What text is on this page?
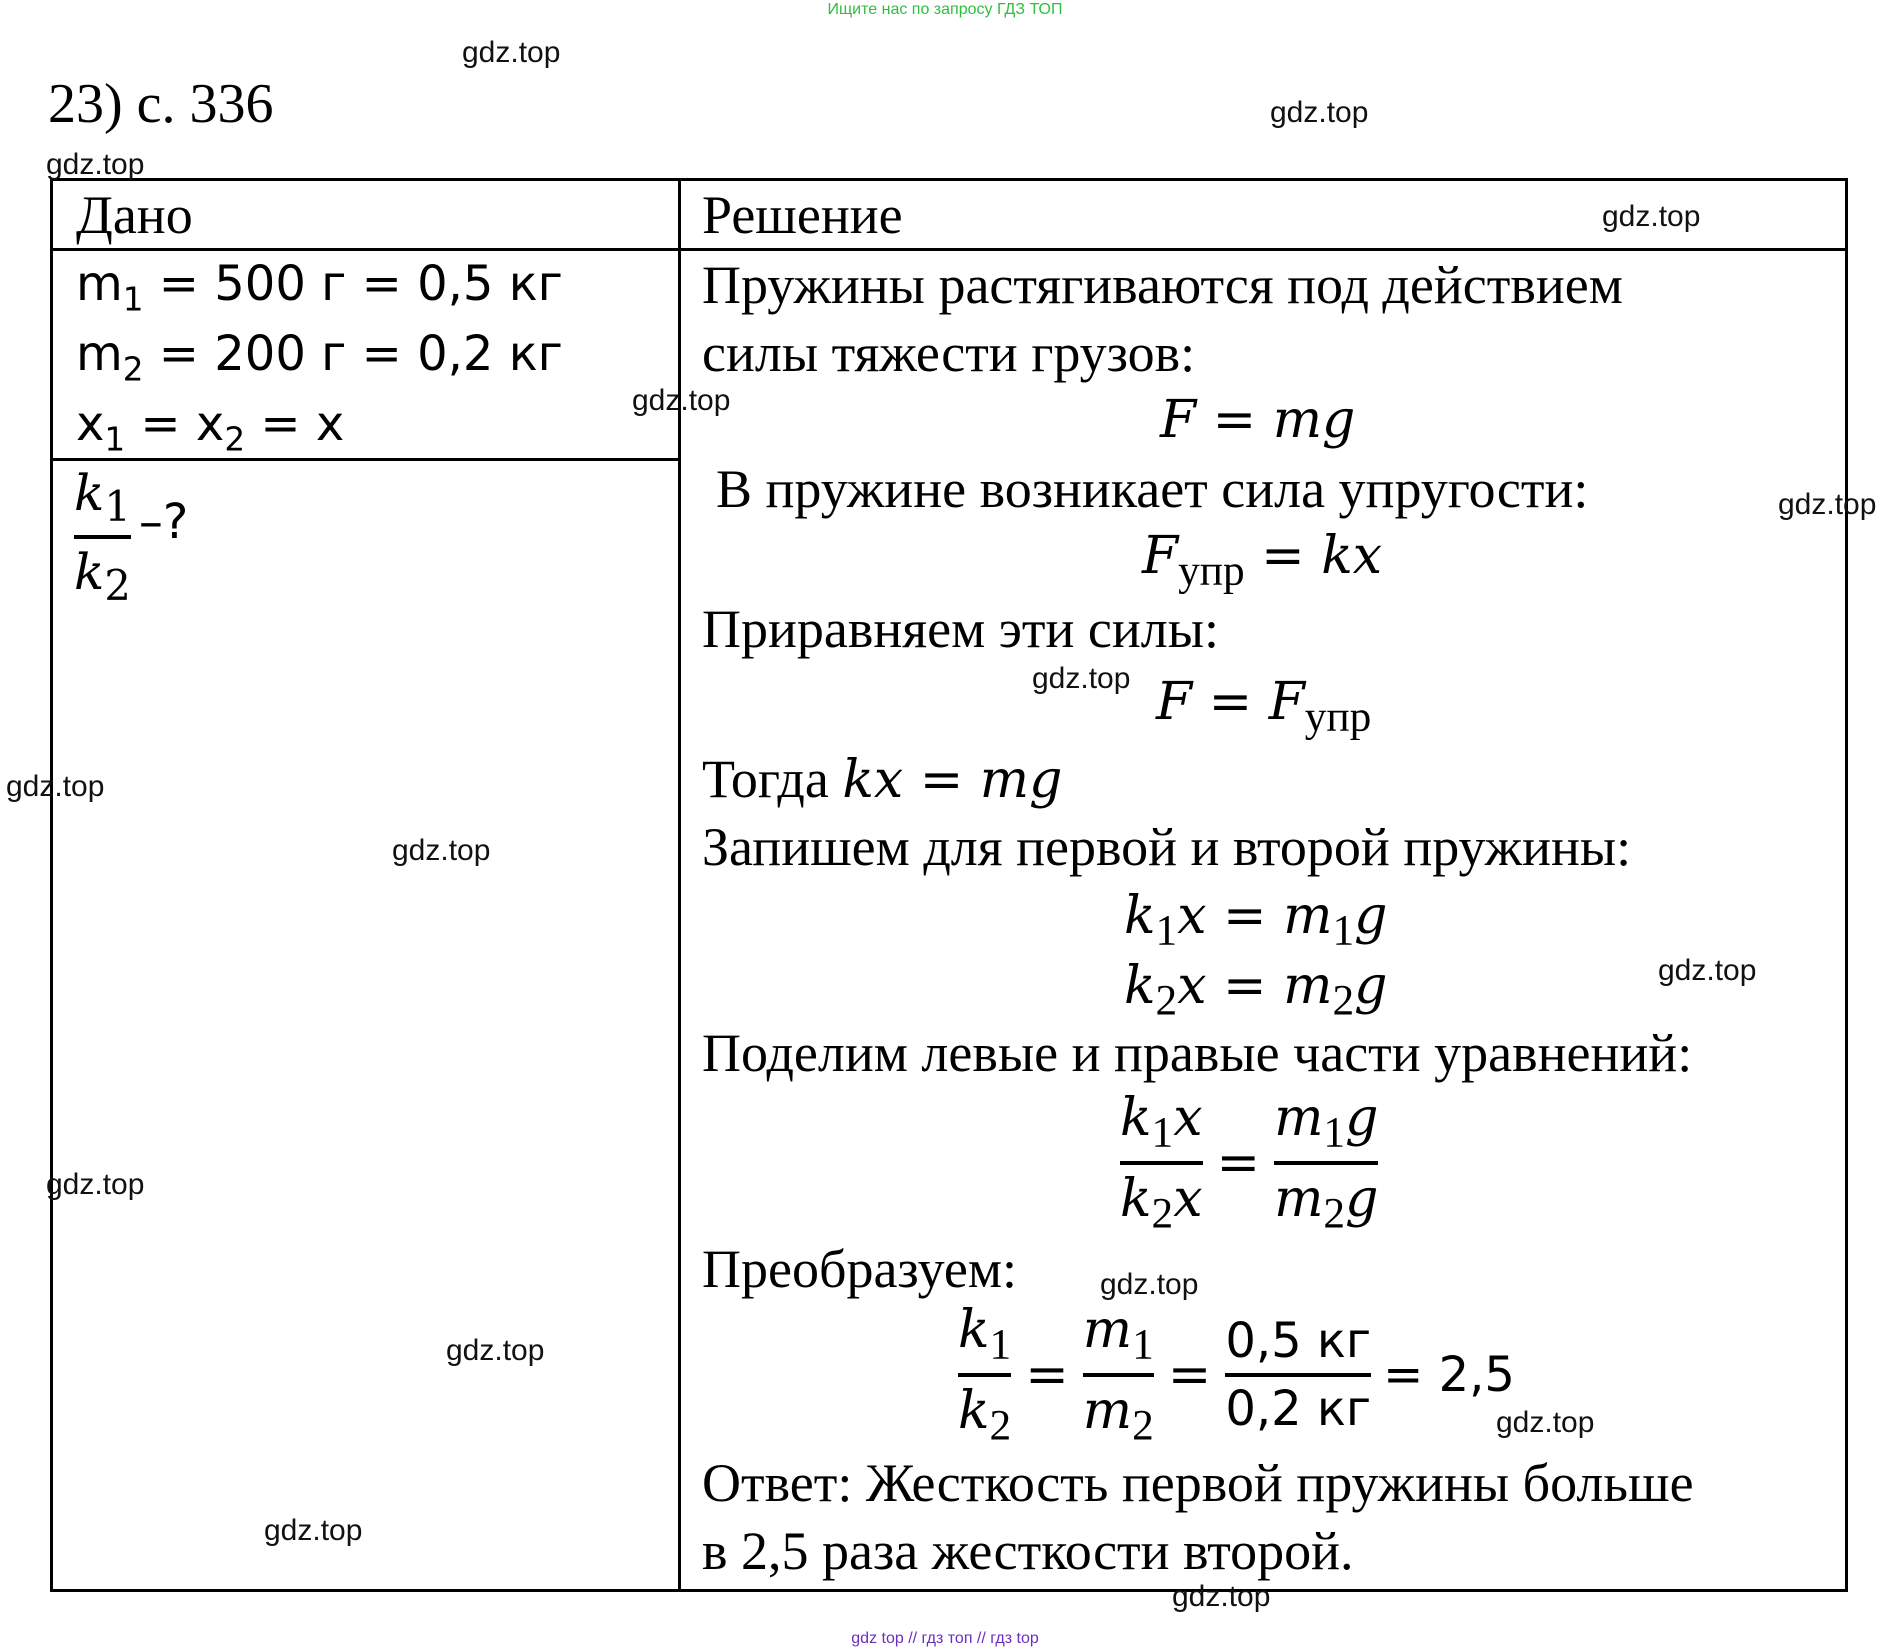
Ищите нас по запросу ГДЗ ТОП
23) с. 336
Дано	Решение
$m_1 = 500$ г = 0,5 кг
$m_2 = 200$ г = 0,2 кг
$x_1 = x_2 = x$
$\frac{k_1}{k_2}$ –?
Пружины растягиваются под действием
силы тяжести грузов:
F = mg
В пружине возникает сила упругости:
$F_{упр}$ = kx
Приравняем эти силы:
$F = F_{упр}$
Тогда kx = mg
Запишем для первой и второй пружины:
$k_1x = m_1g$
$k_2x = m_2g$
Поделим левые и правые части уравнений:
$\frac{k_1x}{k_2x} = \frac{m_1g}{m_2g}$
Преобразуем:
$\frac{k_1}{k_2} = \frac{m_1}{m_2} = \frac{0,5 кг}{0,2 кг} = 2,5$
Ответ: Жесткость первой пружины больше
в 2,5 раза жесткости второй.
gdz.top
gdz.top
gdz.top
gdz.top
gdz.top
gdz.top
gdz.top
gdz.top
gdz.top
gdz.top
gdz.top
gdz.top
gdz.top
gdz.top
gdz.top
gdz.top
gdz top // гдз топ // гдз top
